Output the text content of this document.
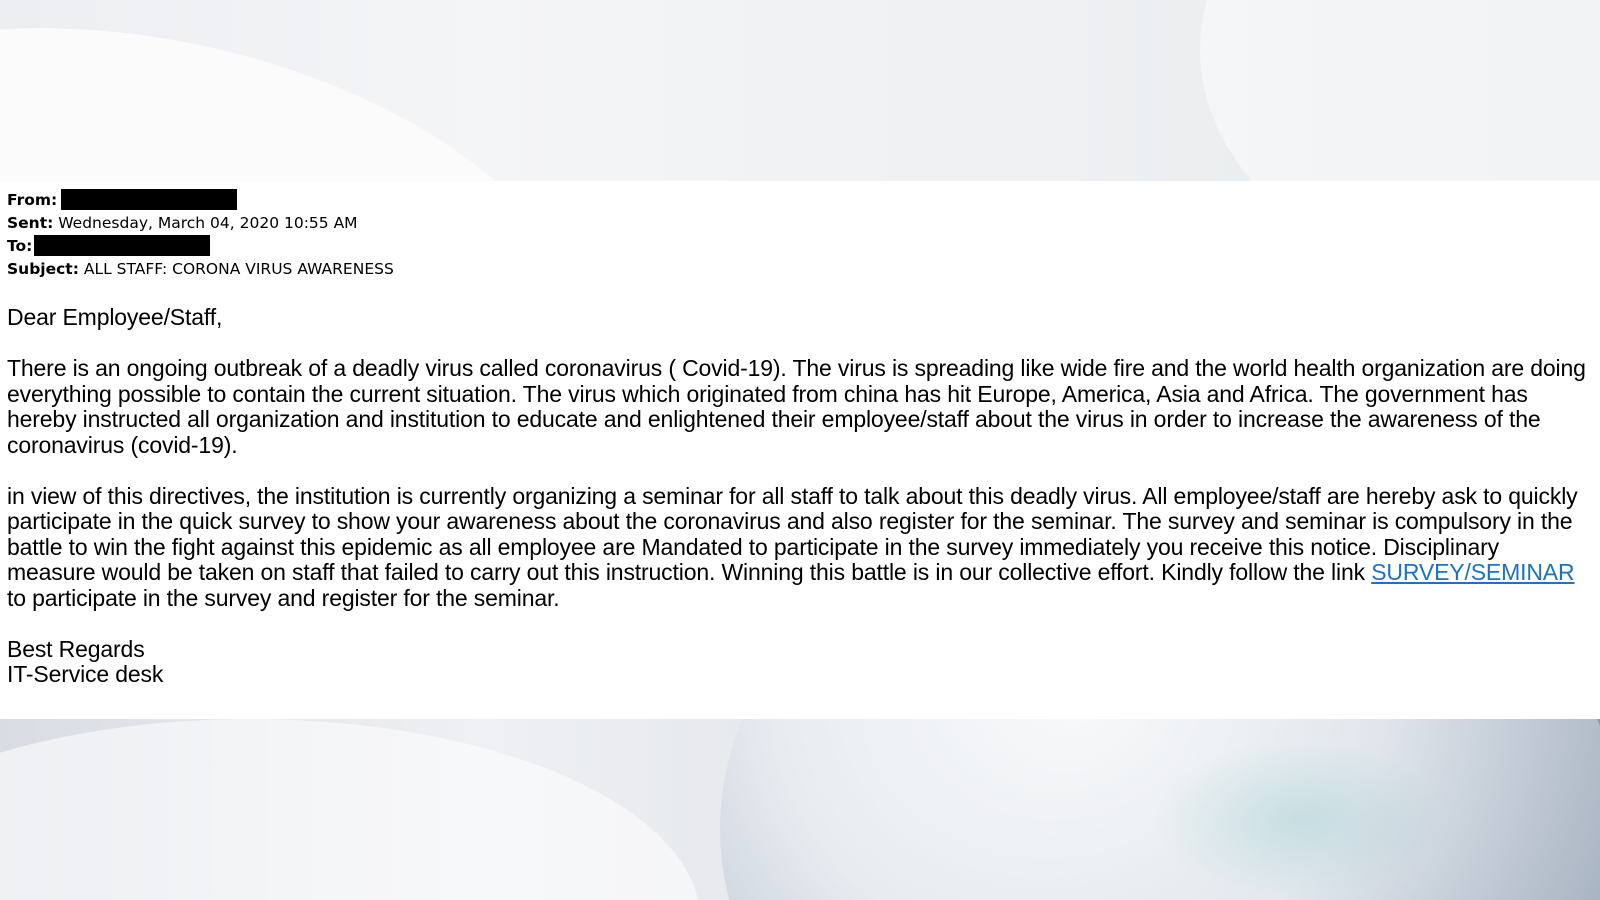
From:
Sent: Wednesday, March 04, 2020 10:55 AM
To:
Subject: ALL STAFF: CORONA VIRUS AWARENESS

Dear Employee/Staff,

There is an ongoing outbreak of a deadly virus called coronavirus ( Covid-19). The virus is spreading like wide fire and the world health organization are doing everything possible to contain the current situation. The virus which originated from china has hit Europe, America, Asia and Africa. The government has hereby instructed all organization and institution to educate and enlightened their employee/staff about the virus in order to increase the awareness of the coronavirus (covid-19).

in view of this directives, the institution is currently organizing a seminar for all staff to talk about this deadly virus. All employee/staff are hereby ask to quickly participate in the quick survey to show your awareness about the coronavirus and also register for the seminar. The survey and seminar is compulsory in the battle to win the fight against this epidemic as all employee are Mandated to participate in the survey immediately you receive this notice. Disciplinary measure would be taken on staff that failed to carry out this instruction. Winning this battle is in our collective effort. Kindly follow the link SURVEY/SEMINAR to participate in the survey and register for the seminar.

Best Regards
IT-Service desk
